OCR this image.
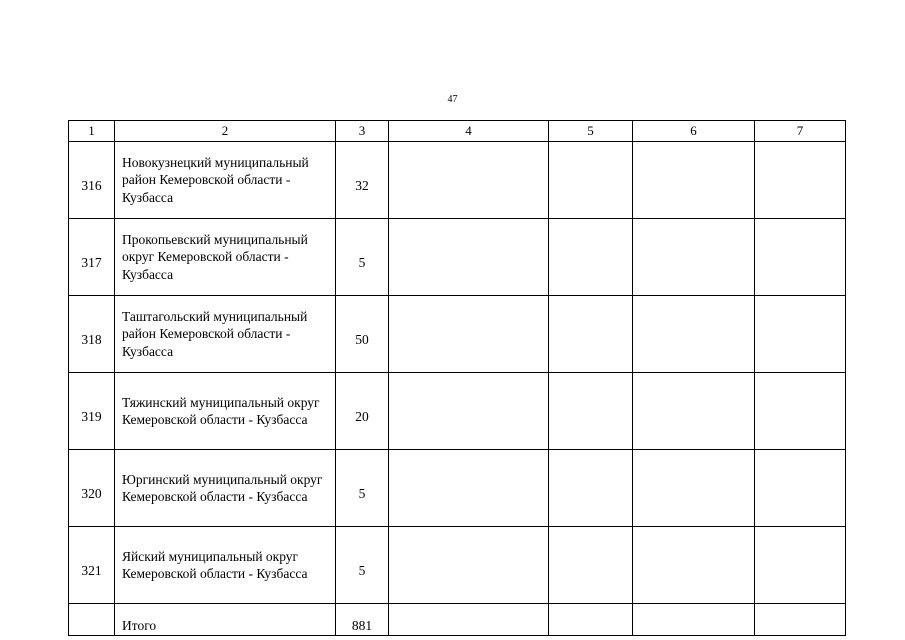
47
1	2	3	4	5	6	7
316	Новокузнецкий муниципальный район Кемеровской области - Кузбасса	32				
317	Прокопьевский муниципальный округ Кемеровской области - Кузбасса	5				
318	Таштагольский муниципальный район Кемеровской области - Кузбасса	50				
319	Тяжинский муниципальный округ Кемеровской области - Кузбасса	20				
320	Юргинский муниципальный округ Кемеровской области - Кузбасса	5				
321	Яйский муниципальный округ Кемеровской области - Кузбасса	5				
	Итого	881				
